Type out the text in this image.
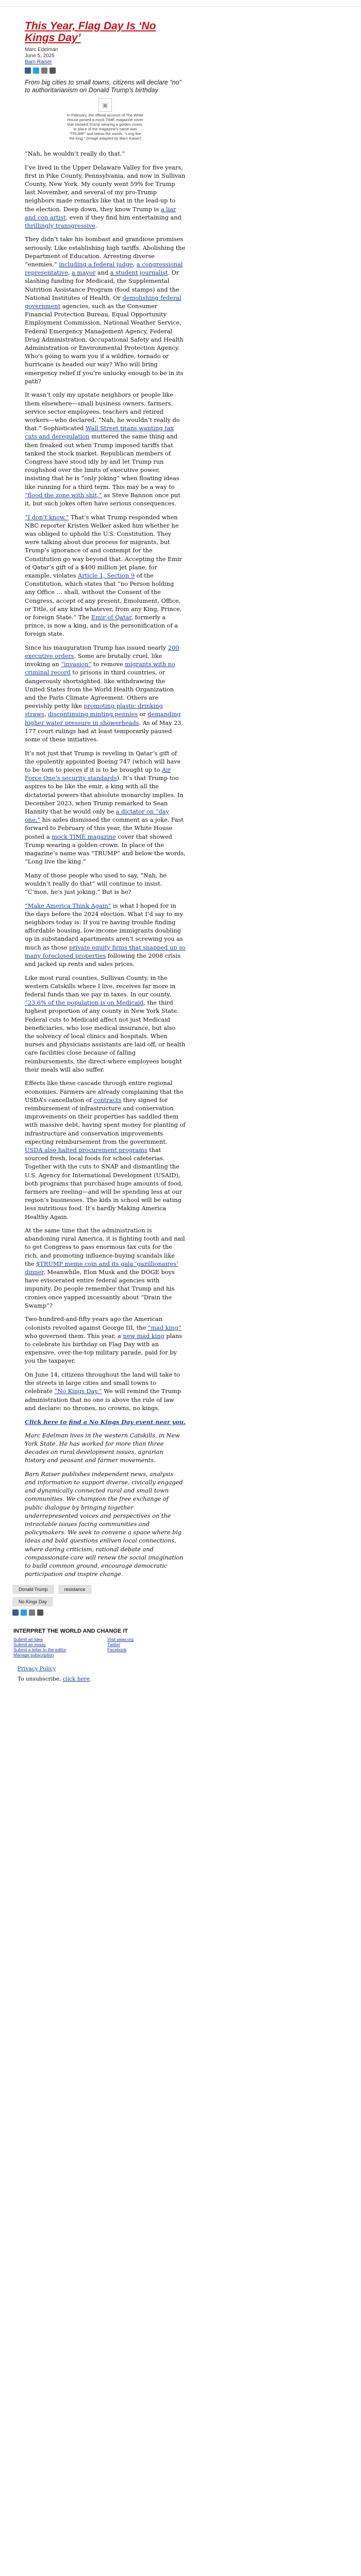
This Year, Flag Day Is ‘No Kings Day’
Marc Edelman
June 5, 2025
Barn Raiser
From big cities to small towns, citizens will declare “no” to authoritarianism on Donald Trump’s birthday
▣
In February, the official account of The White House posted a mock TIME magazine cover that showed Trump wearing a golden crown. In place of the magazine’s name was “TRUMP” and below the words, “Long live the king.” (Image adapted by Barn Raiser)

“Nah, he wouldn’t really do that.”

I’ve lived in the Upper Delaware Valley for five years, first in Pike County, Pennsylvania, and now in Sullivan County, New York. My county went 59% for Trump last November, and several of my pro-Trump neighbors made remarks like that in the lead-up to the election. Deep down, they know Trump is a liar and con artist, even if they find him entertaining and thrillingly transgressive.

They didn’t take his bombast and grandiose promises seriously. Like establishing high tariffs. Abolishing the Department of Education. Arresting diverse “enemies,” including a federal judge, a congressional representative, a mayor and a student journalist. Or slashing funding for Medicaid, the Supplemental Nutrition Assistance Program (food stamps) and the National Institutes of Health. Or demolishing federal government agencies, such as the Consumer Financial Protection Bureau, Equal Opportunity Employment Commission, National Weather Service, Federal Emergency Management Agency, Federal Drug Administration, Occupational Safety and Health Administration or Environmental Protection Agency. Who’s going to warn you if a wildfire, tornado or hurricane is headed our way? Who will bring emergency relief if you’re unlucky enough to be in its path?

It wasn’t only my upstate neighbors or people like them elsewhere—small business owners, farmers, service sector employees, teachers and retired workers—who declared, “Nah, he wouldn’t really do that.” Sophisticated Wall Street titans wanting tax cuts and deregulation muttered the same thing and then freaked out when Trump imposed tariffs that tanked the stock market. Republican members of Congress have stood idly by and let Trump run roughshod over the limits of executive power, insisting that he is “only joking” when floating ideas like running for a third term. This may be a way to “flood the zone with shit,” as Steve Bannon once put it, but such jokes often have serious consequences.

“I don’t know.” That’s what Trump responded when NBC reporter Kristen Welker asked him whether he was obliged to uphold the U.S. Constitution. They were talking about due process for migrants, but Trump’s ignorance of and contempt for the Constitution go way beyond that. Accepting the Emir of Qatar’s gift of a $400 million jet plane, for example, violates Article 1, Section 9 of the Constitution, which states that “no Person holding any Office … shall, without the Consent of the Congress, accept of any present, Emolument, Office, or Title, of any kind whatever, from any King, Prince, or foreign State.” The Emir of Qatar, formerly a prince, is now a king, and is the personification of a foreign state.

Since his inauguration Trump has issued nearly 200 executive orders. Some are brutally cruel, like invoking an “invasion” to remove migrants with no criminal record to prisons in third countries, or dangerously shortsighted, like withdrawing the United States from the World Health Organization and the Paris Climate Agreement. Others are peevishly petty like promoting plastic drinking straws, discontinuing minting pennies or demanding higher water pressure in showerheads. As of May 23, 177 court rulings had at least temporarily paused some of these initiatives.

It’s not just that Trump is reveling in Qatar’s gift of the opulently appointed Boeing 747 (which will have to be torn to pieces if it is to be brought up to Air Force One’s security standards). It’s that Trump too aspires to be like the emir, a king with all the dictatorial powers that absolute monarchy implies. In December 2023, when Trump remarked to Sean Hannity that he would only be a dictator on “day one,” his aides dismissed the comment as a joke. Fast forward to February of this year, the White House posted a mock TIME magazine cover that showed Trump wearing a golden crown. In place of the magazine’s name was “TRUMP” and below the words, “Long live the king.”

Many of those people who used to say, “Nah, he wouldn’t really do that” will continue to insist. “C’mon, he’s just joking.” But is he?

“Make America Think Again” is what I hoped for in the days before the 2024 election. What I’d say to my neighbors today is: If you’re having trouble finding affordable housing, low-income immigrants doubling up in substandard apartments aren’t screwing you as much as those private equity firms that snapped up so many foreclosed properties following the 2008 crisis and jacked up rents and sales prices.

Like most rural counties, Sullivan County, in the western Catskills where I live, receives far more in federal funds than we pay in taxes. In our county, “23.6% of the population is on Medicaid, the third highest proportion of any county in New York State. Federal cuts to Medicaid affect not just Medicaid beneficiaries, who lose medical insurance, but also the solvency of local clinics and hospitals. When nurses and physicians assistants are laid off, or health care facilities close because of falling reimbursements, the direct-where employees bought their meals will also suffer.

Effects like these cascade through entire regional economies. Farmers are already complaining that the USDA’s cancellation of contracts they signed for reimbursement of infrastructure and conservation improvements on their properties has saddled them with massive debt, having spent money for planting of infrastructure and conservation improvements expecting reimbursement from the government. USDA also halted procurement programs that sourced fresh, local foods for school cafeterias. Together with the cuts to SNAP and dismantling the U.S. Agency for International Development (USAID), both programs that purchased huge amounts of food, farmers are reeling—and will be spending less at our region’s businesses. The kids in school will be eating less nutritious food. It’s hardly Making America Healthy Again.

At the same time that the administration is abandoning rural America, it is fighting tooth and nail to get Congress to pass enormous tax cuts for the rich, and promoting influence-buying scandals like the $TRUMP meme coin and its gala ‘gazillionaires’ dinner. Meanwhile, Elon Musk and the DOGE boys have eviscerated entire federal agencies with impunity. Do people remember that Trump and his cronies once yapped incessantly about “Drain the Swamp”?

Two-hundred-and-fifty years ago the American colonists revolted against George III, the “mad king” who governed them. This year, a new mad king plans to celebrate his birthday on Flag Day with an expensive, over-the-top military parade, paid for by you the taxpayer.

On June 14, citizens throughout the land will take to the streets in large cities and small towns to celebrate “No Kings Day.” We will remind the Trump administration that no one is above the rule of law and declare: no thrones, no crowns, no kings.

Click here to find a No Kings Day event near you.

Marc Edelman lives in the western Catskills, in New York State. He has worked for more than three decades on rural development issues, agrarian history and peasant and farmer movements.

Barn Raiser publishes independent news, analysis and information to support diverse, civically engaged and dynamically connected rural and small town communities. We champion the free exchange of public dialogue by bringing together underrepresented voices and perspectives on the intractable issues facing communities and policymakers. We seek to convene a space where big ideas and bold questions enliven local connections, where daring criticism, rational debate and compassionate care will renew the social imagination to build common ground, encourage democratic participation and inspire change.

Donald Trump	resistance
No Kings Day
INTERPRET THE WORLD AND CHANGE IT
Submit an idea
Submit an essay
Submit a letter to the editor
Manage subscription
Visit www.org
Twitter
Facebook
Privacy Policy
To unsubscribe, click here.
